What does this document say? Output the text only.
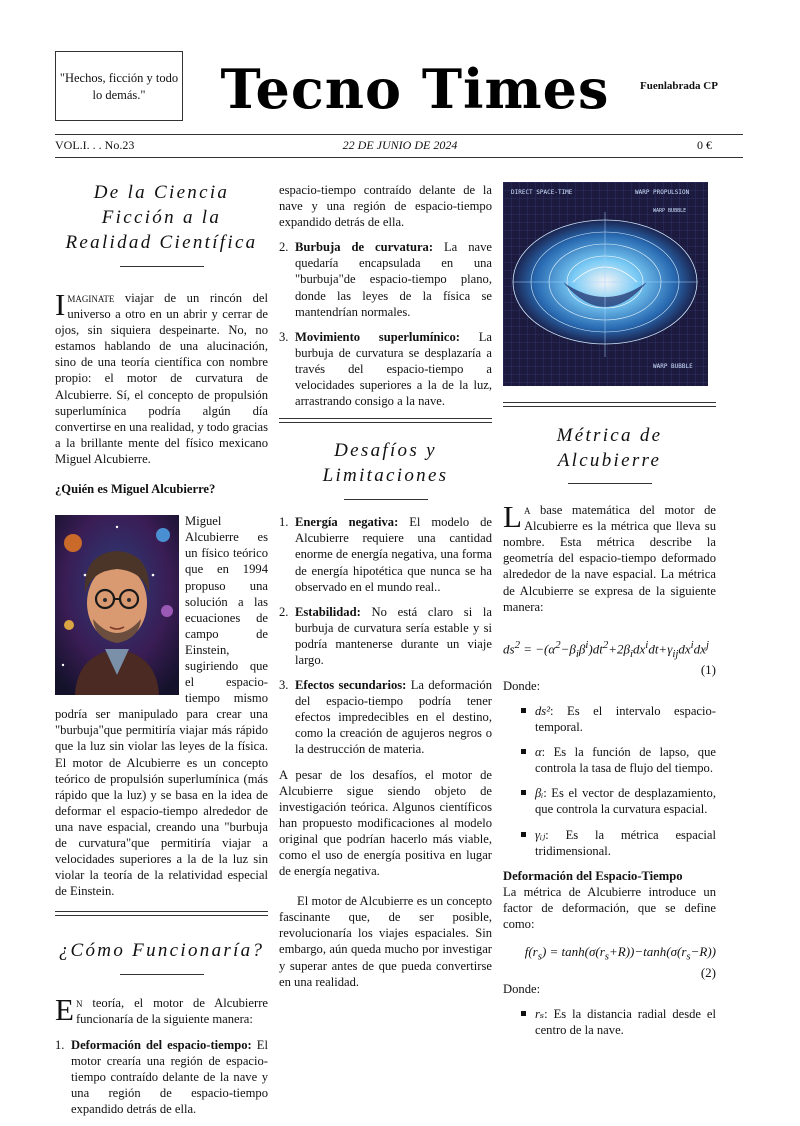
"Hechos, ficción y todo lo demás."	Tecno Times	Fuenlabrada CP
VOL.I. . . No.23	22 DE JUNIO DE 2024	0 €
De la Ciencia Ficción a la Realidad Científica

Imaginate viajar de un rincón del universo a otro en un abrir y cerrar de ojos, sin siquiera despeinarte. No, no estamos hablando de una alucinación, sino de una teoría científica con nombre propio: el motor de curvatura de Alcubierre. Sí, el concepto de propulsión superlumínica podría algún día convertirse en una realidad, y todo gracias a la brillante mente del físico mexicano Miguel Alcubierre.

¿Quién es Miguel Alcubierre?

Miguel Alcubierre es un físico teórico que en 1994 propuso una solución a las ecuaciones de campo de Einstein, sugiriendo que el espacio-tiempo mismo podría ser manipulado para crear una "burbuja"que permitiría viajar más rápido que la luz sin violar las leyes de la física. El motor de Alcubierre es un concepto teórico de propulsión superlumínica (más rápido que la luz) y se basa en la idea de deformar el espacio-tiempo alrededor de una nave espacial, creando una "burbuja de curvatura"que permitiría viajar a velocidades superiores a la de la luz sin violar la teoría de la relatividad especial de Einstein.

¿Cómo Funcionaría?

En teoría, el motor de Alcubierre funcionaría de la siguiente manera:

1. Deformación del espacio-tiempo: El motor crearía una región de espacio-tiempo contraído delante de la nave y una región de espacio-tiempo expandido detrás de ella.

espacio-tiempo contraído delante de la nave y una región de espacio-tiempo expandido detrás de ella.

2. Burbuja de curvatura: La nave quedaría encapsulada en una "burbuja"de espacio-tiempo plano, donde las leyes de la física se mantendrían normales.
3. Movimiento superlumínico: La burbuja de curvatura se desplazaría a través del espacio-tiempo a velocidades superiores a la de la luz, arrastrando consigo a la nave.
Desafíos y Limitaciones
1. Energía negativa: El modelo de Alcubierre requiere una cantidad enorme de energía negativa, una forma de energía hipotética que nunca se ha observado en el mundo real..
2. Estabilidad: No está claro si la burbuja de curvatura sería estable y si podría mantenerse durante un viaje largo.
3. Efectos secundarios: La deformación del espacio-tiempo podría tener efectos impredecibles en el destino, como la creación de agujeros negros o la destrucción de materia.

A pesar de los desafíos, el motor de Alcubierre sigue siendo objeto de investigación teórica. Algunos científicos han propuesto modificaciones al modelo original que podrían hacerlo más viable, como el uso de energía positiva en lugar de energía negativa.

El motor de Alcubierre es un concepto fascinante que, de ser posible, revolucionaría los viajes espaciales. Sin embargo, aún queda mucho por investigar y superar antes de que pueda convertirse en una realidad.

DIRECT SPACE-TIME	WARP PROPULSION
WARP BUBBLE
WARP BUBBLE
Métrica de Alcubierre

La base matemática del motor de Alcubierre es la métrica que lleva su nombre. Esta métrica describe la geometría del espacio-tiempo deformado alrededor de la nave espacial. La métrica de Alcubierre se expresa de la siguiente manera:

$ds^2 = -(\alpha^2-\beta_i\beta^i)dt^2+2\beta_idx^idt+\gamma_{ij}dx^idx^j$
(1)

Donde:

ds²: Es el intervalo espacio-temporal.
α: Es la función de lapso, que controla la tasa de flujo del tiempo.
βᵢ: Es el vector de desplazamiento, que controla la curvatura espacial.
γᵢⱼ: Es la métrica espacial tridimensional.

Deformación del Espacio-Tiempo

La métrica de Alcubierre introduce un factor de deformación, que se define como:

$f(r_s) = \tanh(\sigma(r_s+R))-\tanh(\sigma(r_s-R))$
(2)

Donde:

rₛ: Es la distancia radial desde el centro de la nave.
